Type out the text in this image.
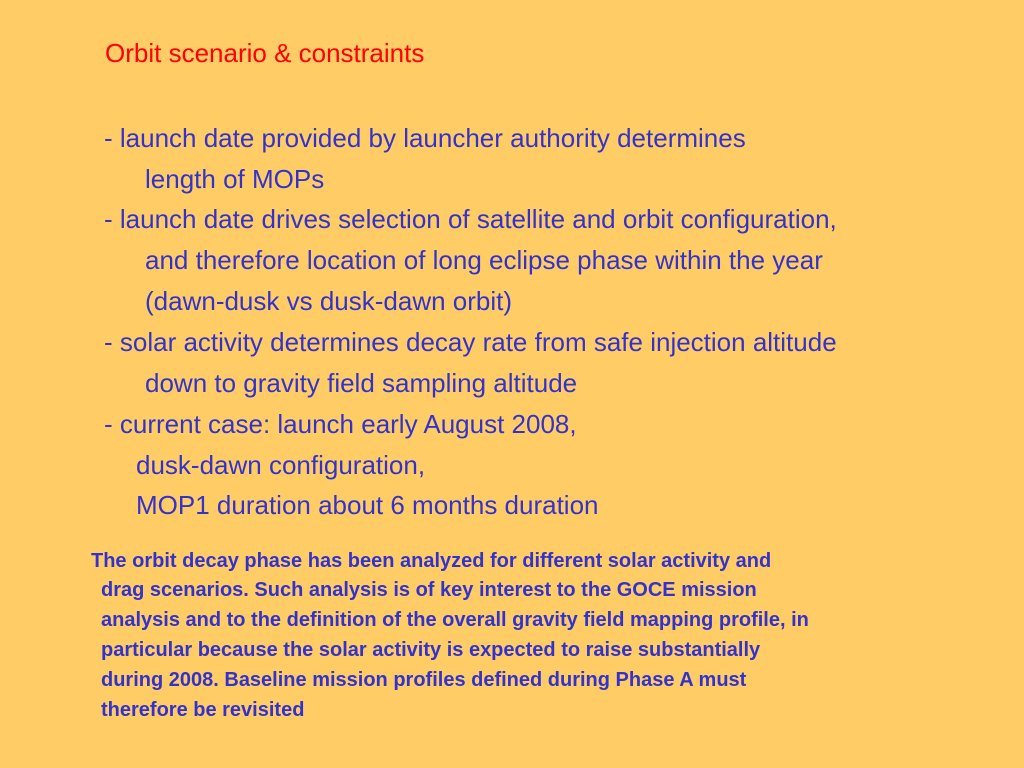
Orbit scenario & constraints
- launch date provided by launcher authority determines
length of MOPs
- launch date drives selection of satellite and orbit configuration,
and therefore location of long eclipse phase within the year
(dawn-dusk vs dusk-dawn orbit)
- solar activity determines decay rate from safe injection altitude
down to gravity field sampling altitude
- current case: launch early August 2008,
dusk-dawn configuration,
MOP1 duration about 6 months duration
The orbit decay phase has been analyzed for different solar activity and
drag scenarios. Such analysis is of key interest to the GOCE mission
analysis and to the definition of the overall gravity field mapping profile, in
particular because the solar activity is expected to raise substantially
during 2008. Baseline mission profiles defined during Phase A must
therefore be revisited
